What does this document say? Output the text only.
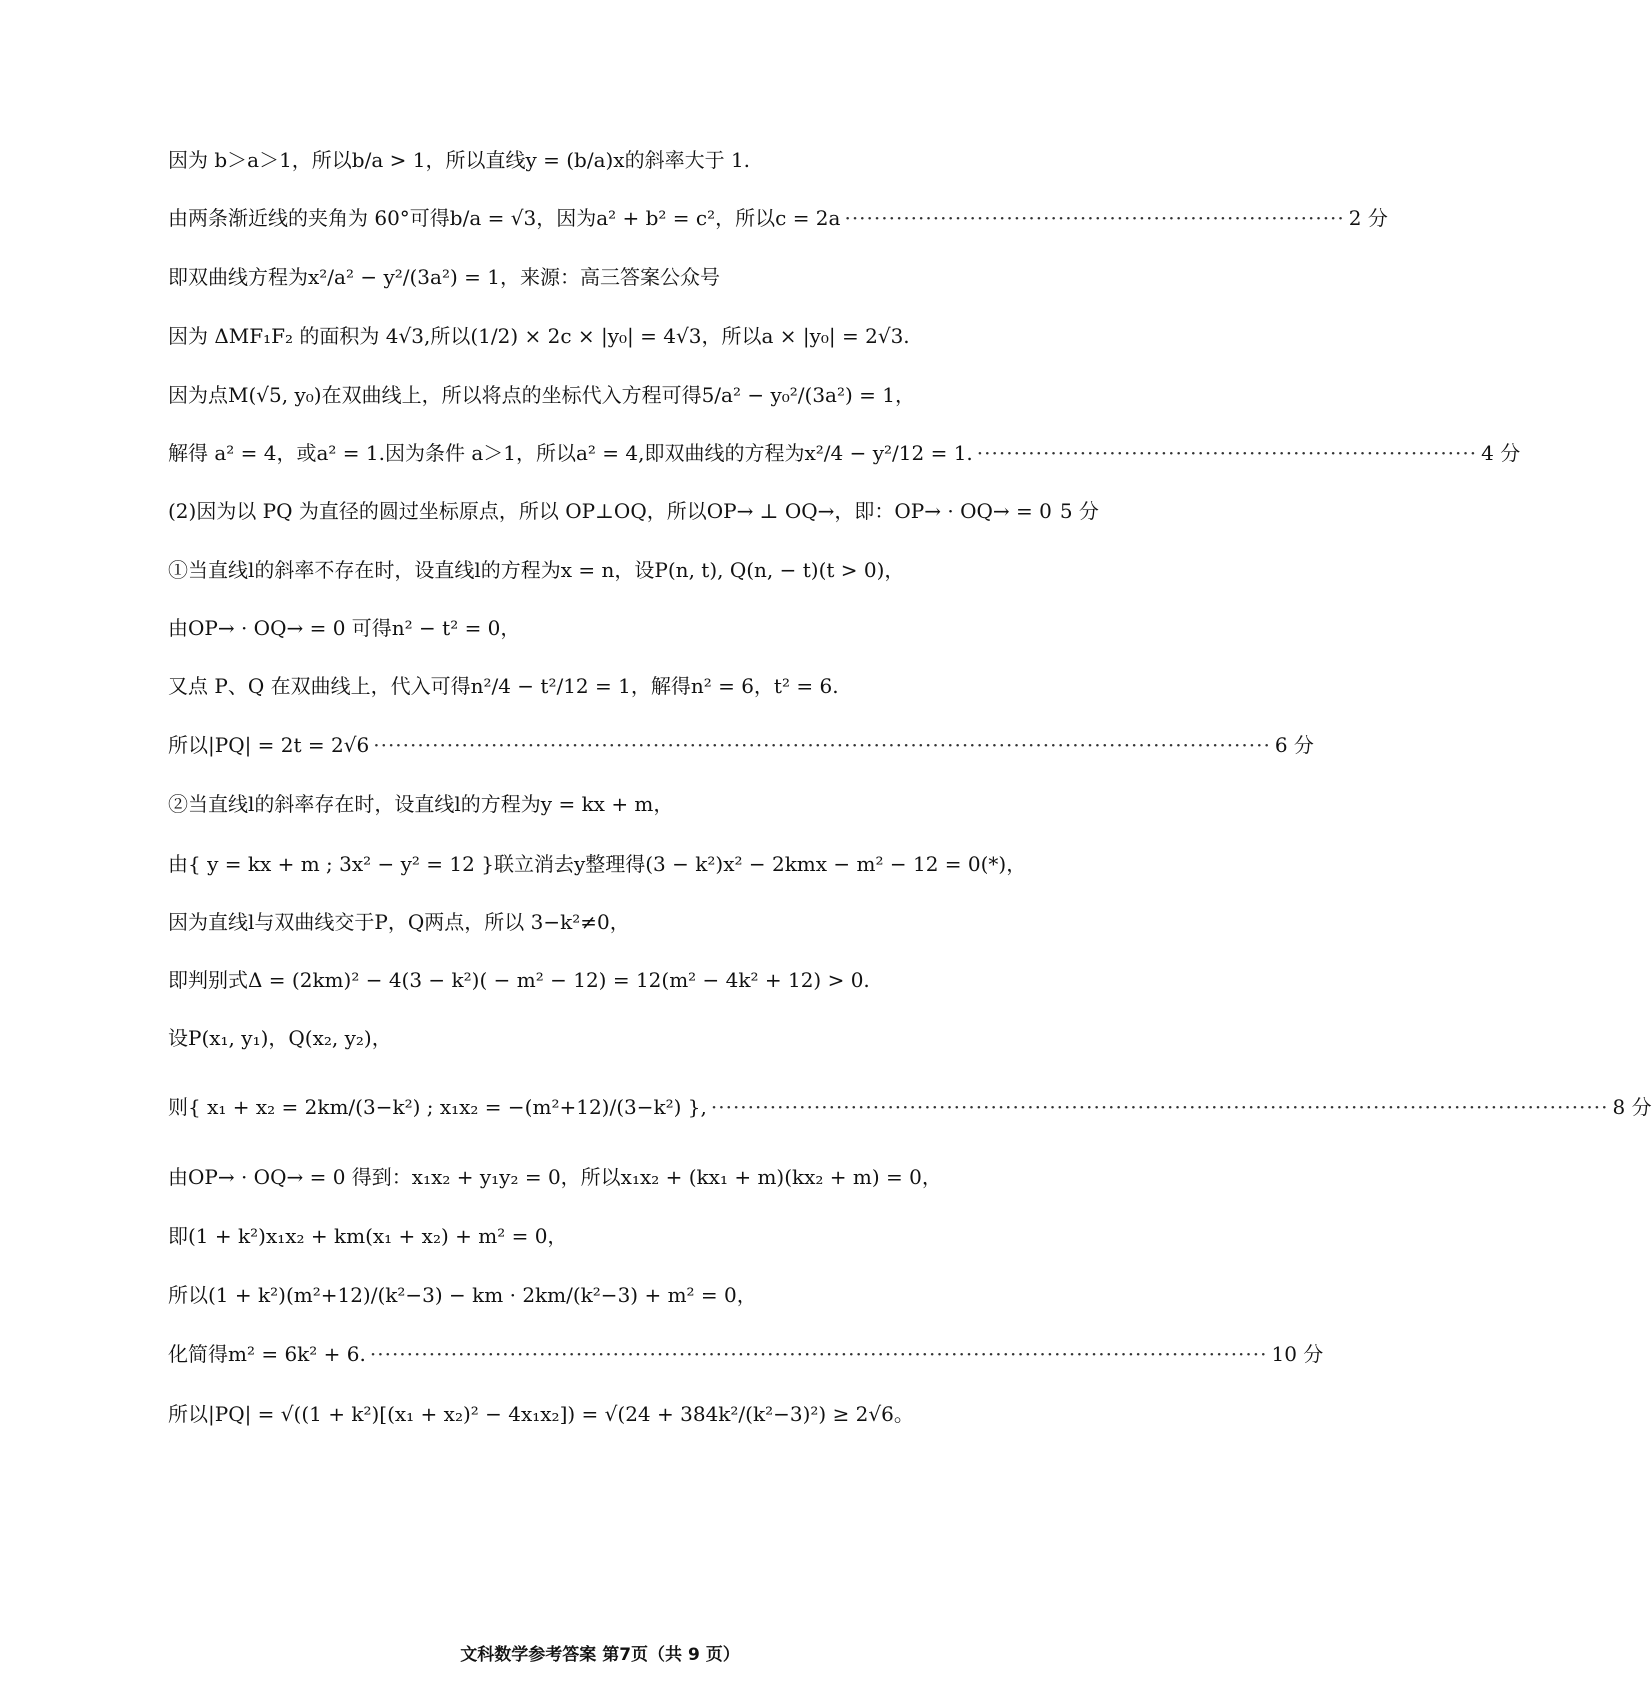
因为 b＞a＞1，所以b/a > 1，所以直线y = (b/a)x的斜率大于 1.
由两条渐近线的夹角为 60°可得b/a = √3，因为a² + b² = c²，所以c = 2a ···································································· 2 分
即双曲线方程为x²/a² − y²/(3a²) = 1，来源：高三答案公众号
因为 ΔMF₁F₂ 的面积为 4√3,所以(1/2) × 2c × |y₀| = 4√3，所以a × |y₀| = 2√3.
因为点M(√5, y₀)在双曲线上，所以将点的坐标代入方程可得5/a² − y₀²/(3a²) = 1，
解得 a² = 4，或a² = 1.因为条件 a＞1，所以a² = 4,即双曲线的方程为x²/4 − y²/12 = 1. ···································································· 4 分
(2)因为以 PQ 为直径的圆过坐标原点，所以 OP⊥OQ，所以OP→ ⊥ OQ→，即：OP→ · OQ→ = 0 5 分
①当直线l的斜率不存在时，设直线l的方程为x = n，设P(n, t), Q(n, − t)(t > 0)，
由OP→ · OQ→ = 0 可得n² − t² = 0，
又点 P、Q 在双曲线上，代入可得n²/4 − t²/12 = 1，解得n² = 6，t² = 6.
所以|PQ| = 2t = 2√6 ·························································································································· 6 分
②当直线l的斜率存在时，设直线l的方程为y = kx + m，
由{ y = kx + m ; 3x² − y² = 12 }联立消去y整理得(3 − k²)x² − 2kmx − m² − 12 = 0(*)，
因为直线l与双曲线交于P，Q两点，所以 3−k²≠0，
即判别式Δ = (2km)² − 4(3 − k²)( − m² − 12) = 12(m² − 4k² + 12) > 0.
设P(x₁, y₁)，Q(x₂, y₂)，
则{ x₁ + x₂ = 2km/(3−k²) ; x₁x₂ = −(m²+12)/(3−k²) }, ·························································································································· 8 分
由OP→ · OQ→ = 0 得到：x₁x₂ + y₁y₂ = 0，所以x₁x₂ + (kx₁ + m)(kx₂ + m) = 0，
即(1 + k²)x₁x₂ + km(x₁ + x₂) + m² = 0，
所以(1 + k²)(m²+12)/(k²−3) − km · 2km/(k²−3) + m² = 0，
化简得m² = 6k² + 6. ·························································································································· 10 分
所以|PQ| = √((1 + k²)[(x₁ + x₂)² − 4x₁x₂]) = √(24 + 384k²/(k²−3)²) ≥ 2√6。
文科数学参考答案 第7页（共 9 页）
